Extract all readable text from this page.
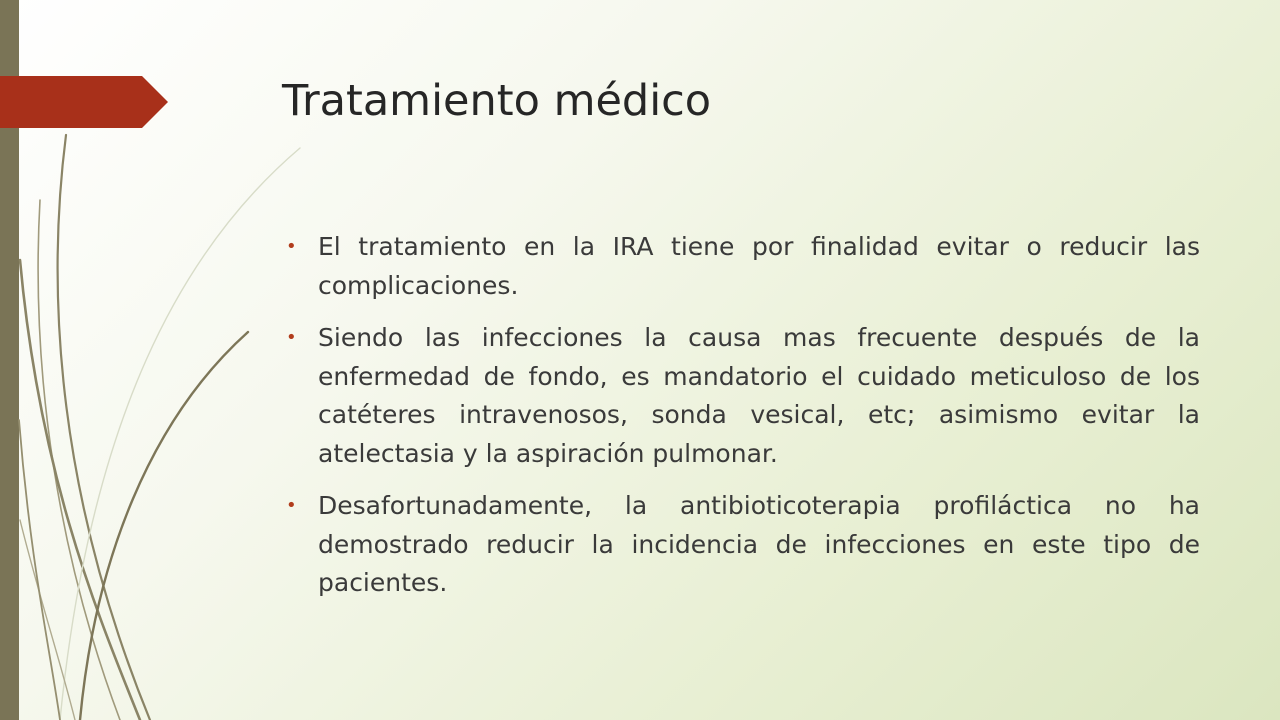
Tratamiento médico
• El tratamiento en la IRA tiene por finalidad evitar o reducir las complicaciones.
• Siendo las infecciones la causa mas frecuente después de la enfermedad de fondo, es mandatorio el cuidado meticuloso de los catéteres intravenosos, sonda vesical, etc; asimismo evitar la atelectasia y la aspiración pulmonar.
• Desafortunadamente, la antibioticoterapia profiláctica no ha demostrado reducir la incidencia de infecciones en este tipo de pacientes.
